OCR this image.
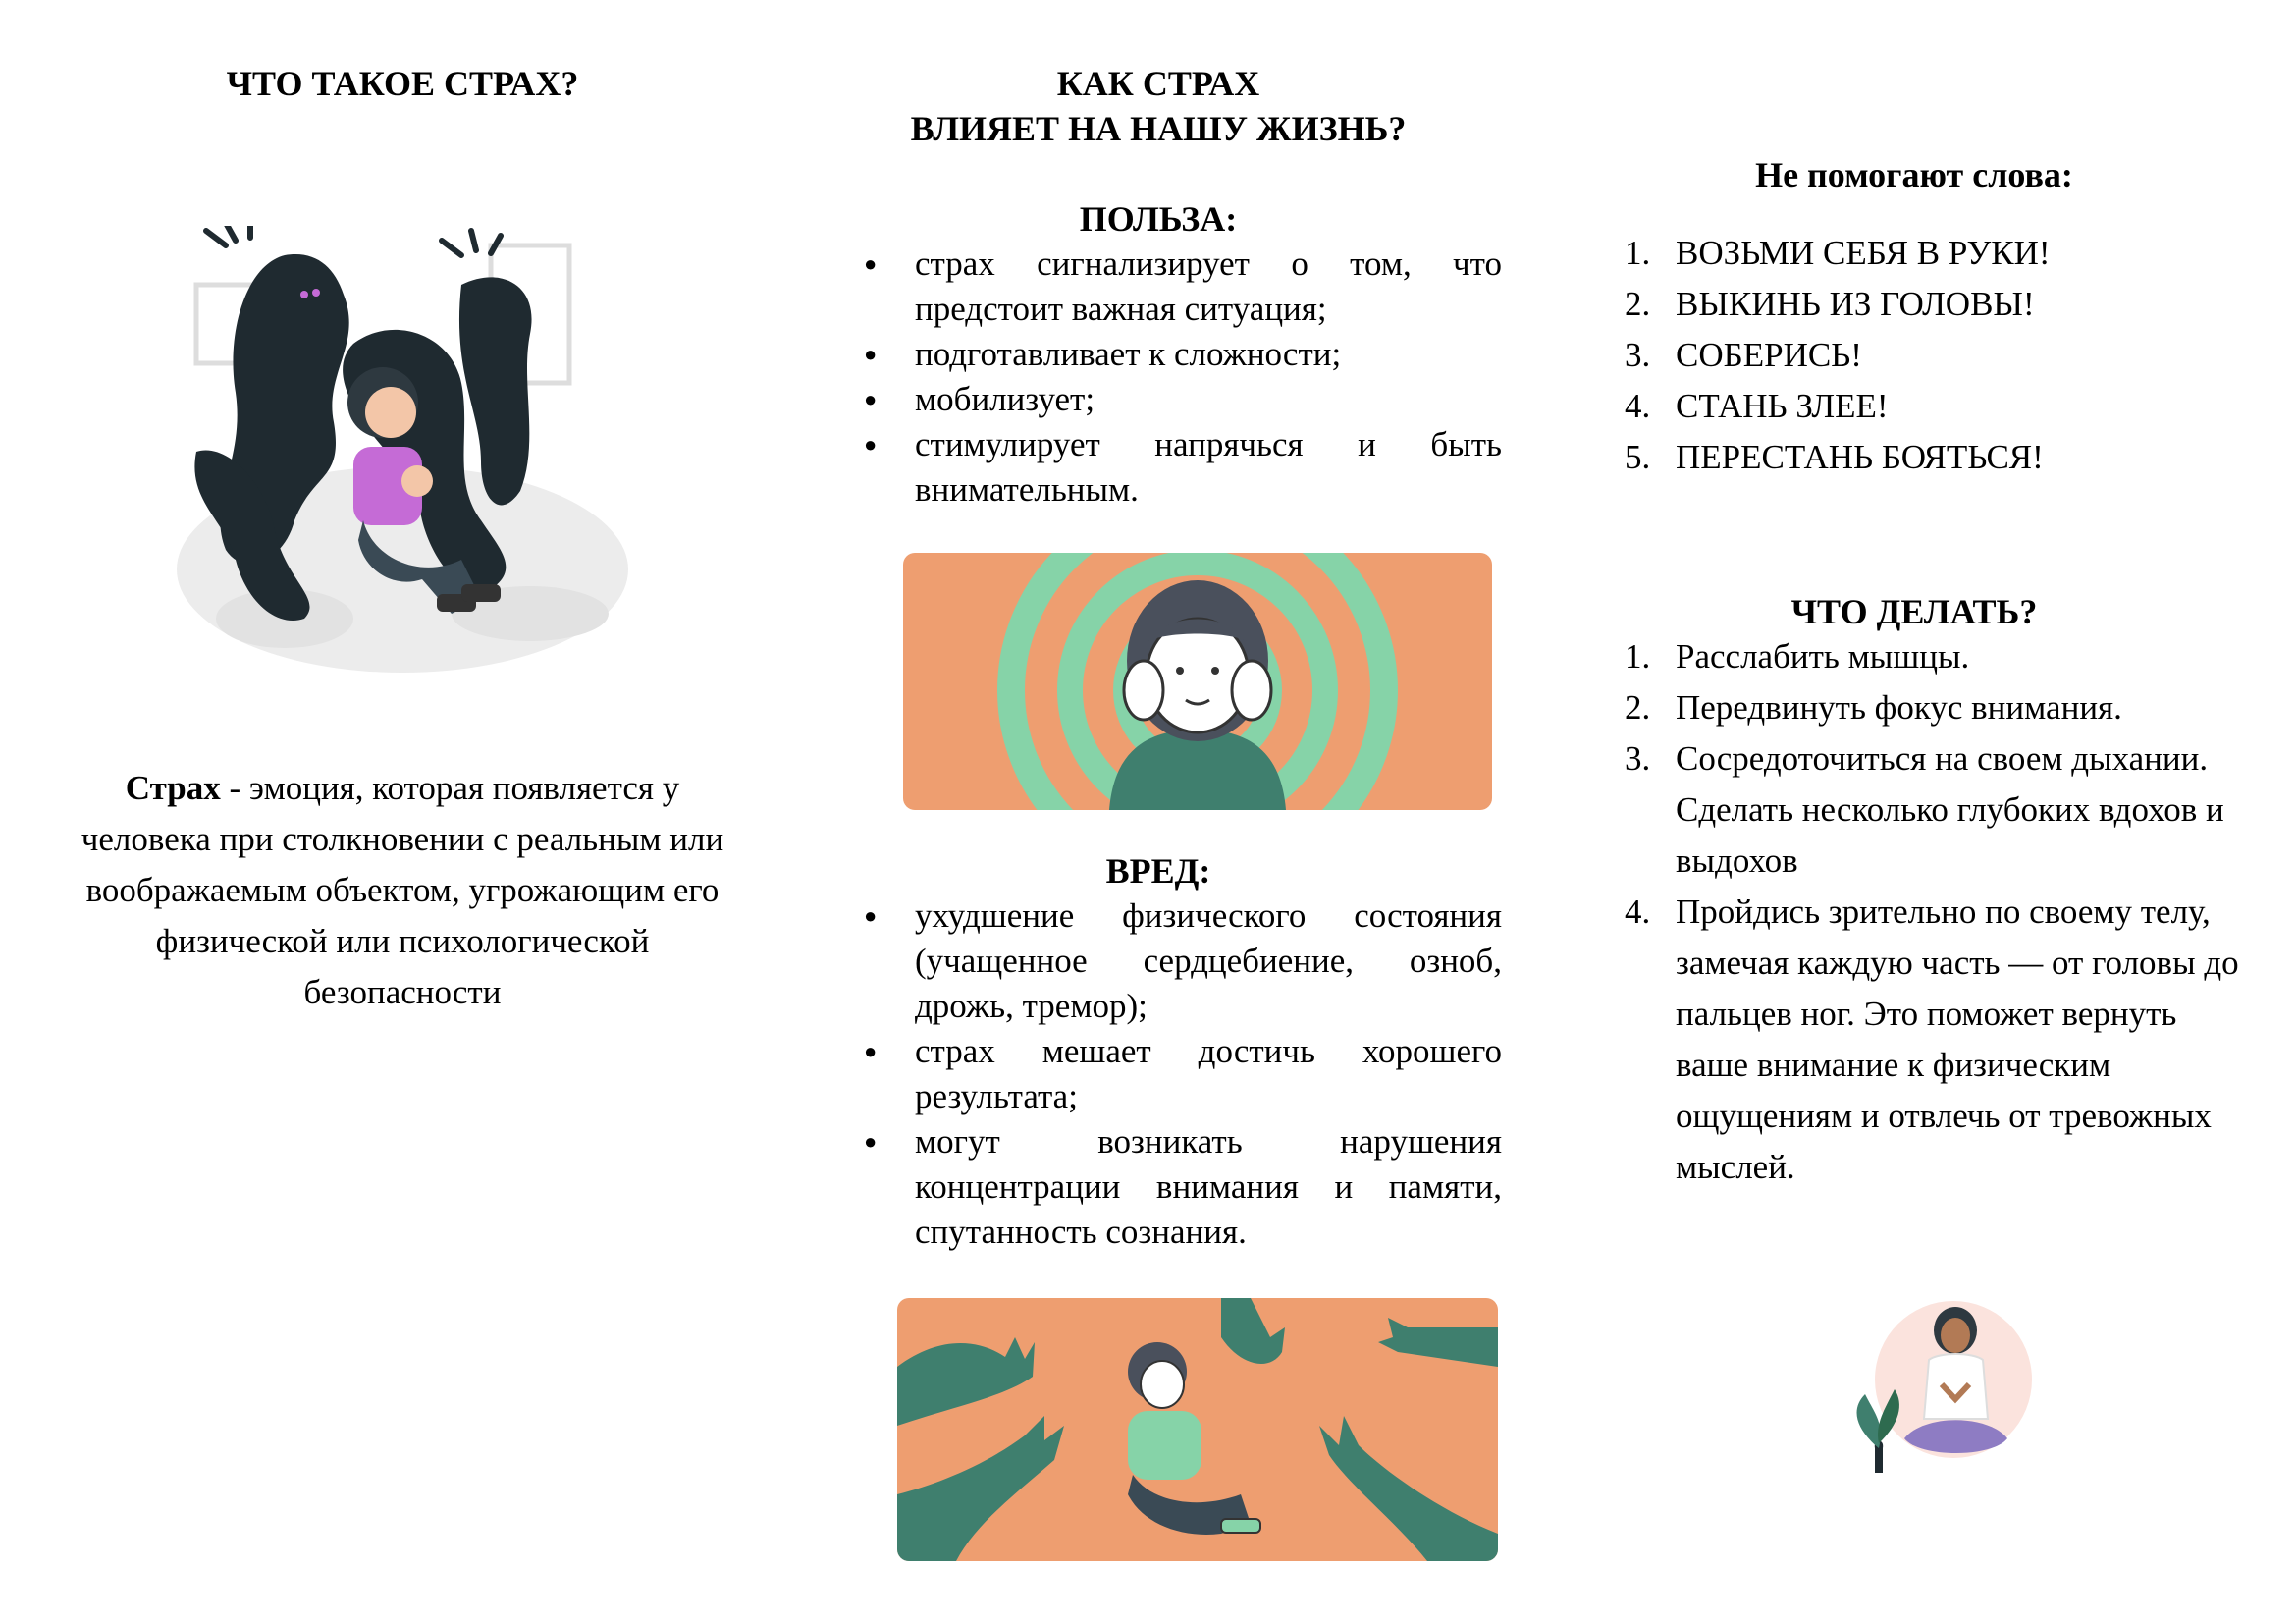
ЧТО ТАКОЕ СТРАХ?
Страх - эмоция, которая появляется у человека при столкновении с реальным или воображаемым объектом, угрожающим его физической или психологической безопасности
КАК СТРАХ
ВЛИЯЕТ НА НАШУ ЖИЗНЬ?
ПОЛЬЗА:
● страх сигнализирует о том, что предстоит важная ситуация;
● подготавливает к сложности;
● мобилизует;
● стимулирует напрячься и быть внимательным.
ВРЕД:
● ухудшение физического состояния (учащенное сердцебиение, озноб, дрожь, тремор);
● страх мешает достичь хорошего результата;
● могут возникать нарушения концентрации внимания и памяти, спутанность сознания.
Не помогают слова:
1. ВОЗЬМИ СЕБЯ В РУКИ!
2. ВЫКИНЬ ИЗ ГОЛОВЫ!
3. СОБЕРИСЬ!
4. СТАНЬ ЗЛЕЕ!
5. ПЕРЕСТАНЬ БОЯТЬСЯ!
ЧТО ДЕЛАТЬ?
1. Расслабить мышцы.
2. Передвинуть фокус внимания.
3. Сосредоточиться на своем дыхании. Сделать несколько глубоких вдохов и выдохов
4. Пройдись зрительно по своему телу, замечая каждую часть — от головы до пальцев ног. Это поможет вернуть ваше внимание к физическим ощущениям и отвлечь от тревожных мыслей.
